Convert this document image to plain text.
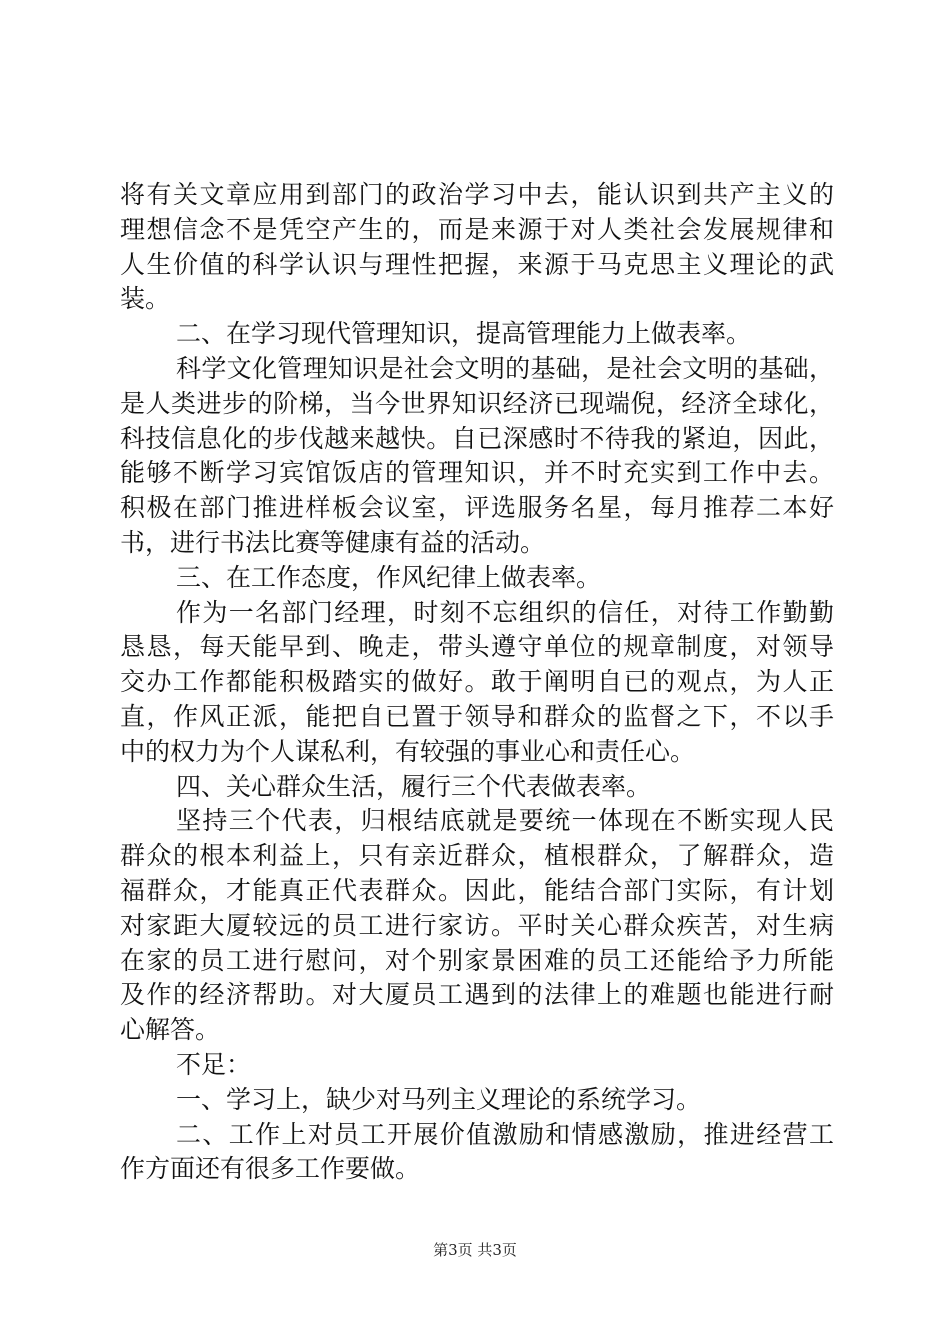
将有关文章应用到部门的政治学习中去，能认识到共产主义的
理想信念不是凭空产生的，而是来源于对人类社会发展规律和
人生价值的科学认识与理性把握，来源于马克思主义理论的武
装。
二、在学习现代管理知识，提高管理能力上做表率。
科学文化管理知识是社会文明的基础，是社会文明的基础，
是人类进步的阶梯，当今世界知识经济已现端倪，经济全球化，
科技信息化的步伐越来越快。自已深感时不待我的紧迫，因此，
能够不断学习宾馆饭店的管理知识，并不时充实到工作中去。
积极在部门推进样板会议室，评选服务名星，每月推荐二本好
书，进行书法比赛等健康有益的活动。
三、在工作态度，作风纪律上做表率。
作为一名部门经理，时刻不忘组织的信任，对待工作勤勤
恳恳，每天能早到、晚走，带头遵守单位的规章制度，对领导
交办工作都能积极踏实的做好。敢于阐明自已的观点，为人正
直，作风正派，能把自已置于领导和群众的监督之下，不以手
中的权力为个人谋私利，有较强的事业心和责任心。
四、关心群众生活，履行三个代表做表率。
坚持三个代表，归根结底就是要统一体现在不断实现人民
群众的根本利益上，只有亲近群众，植根群众，了解群众，造
福群众，才能真正代表群众。因此，能结合部门实际，有计划
对家距大厦较远的员工进行家访。平时关心群众疾苦，对生病
在家的员工进行慰问，对个别家景困难的员工还能给予力所能
及作的经济帮助。对大厦员工遇到的法律上的难题也能进行耐
心解答。
不足：
一、学习上，缺少对马列主义理论的系统学习。
二、工作上对员工开展价值激励和情感激励，推进经营工
作方面还有很多工作要做。
第3页 共3页
